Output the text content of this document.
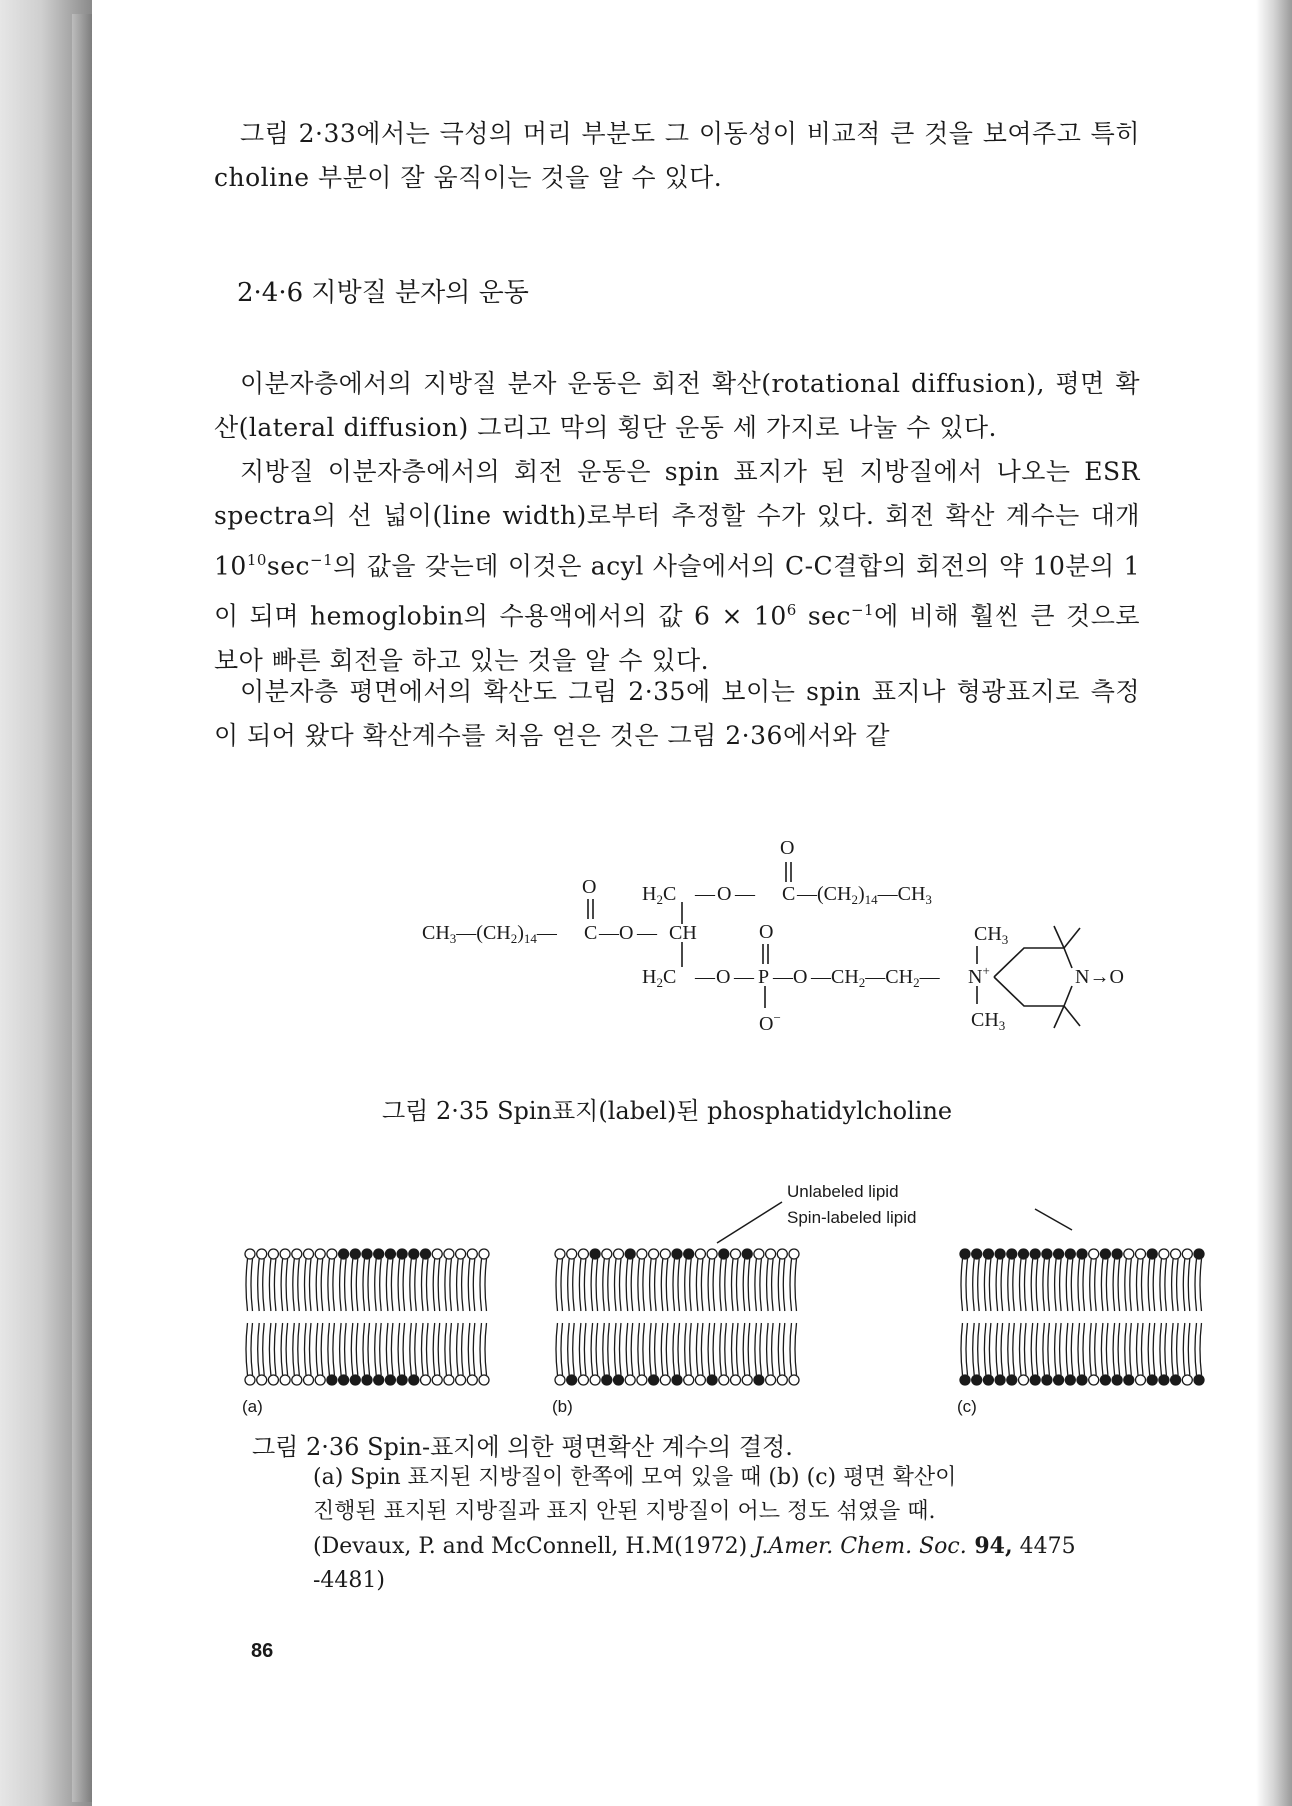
그림 2·33에서는 극성의 머리 부분도 그 이동성이 비교적 큰 것을 보여주고 특히 choline 부분이 잘 움직이는 것을 알 수 있다.

2·4·6 지방질 분자의 운동

이분자층에서의 지방질 분자 운동은 회전 확산(rotational diffusion), 평면 확산(lateral diffusion) 그리고 막의 횡단 운동 세 가지로 나눌 수 있다.

지방질 이분자층에서의 회전 운동은 spin 표지가 된 지방질에서 나오는 ESR spectra의 선 넓이(line width)로부터 추정할 수가 있다. 회전 확산 계수는 대개 $10^{10}\sec^{-1}$의 값을 갖는데 이것은 acyl 사슬에서의 C-C결합의 회전의 약 10분의 1이 되며 hemoglobin의 수용액에서의 값 $6 \times 10^6$ $\sec^{-1}$에 비해 훨씬 큰 것으로 보아 빠른 회전을 하고 있는 것을 알 수 있다.

이분자층 평면에서의 확산도 그림 2·35에 보이는 spin 표지나 형광표지로 측정이 되어 왔다 확산계수를 처음 얻은 것은 그림 2·36에서와 같

O
$H_2C$ — O — C $—(CH_2)_{14}—CH_3$
O
$CH_3—(CH_2)_{14}—$ C — O — CH	O	$CH_3$
$H_2C$ — O — P — O $—CH_2—CH_2—$ N+	N→O
O−	$CH_3$

그림 2·35 Spin표지(label)된 phosphatidylcholine

Unlabeled lipid
Spin-labeled lipid
(a)	(b)	(c)

그림 2·36 Spin-표지에 의한 평면확산 계수의 결정.

(a) Spin 표지된 지방질이 한쪽에 모여 있을 때 (b) (c) 평면 확산이
진행된 표지된 지방질과 표지 안된 지방질이 어느 정도 섞였을 때.
(Devaux, P. and McConnell, H.M(1972) J.Amer. Chem. Soc. 94, 4475
-4481)
86
